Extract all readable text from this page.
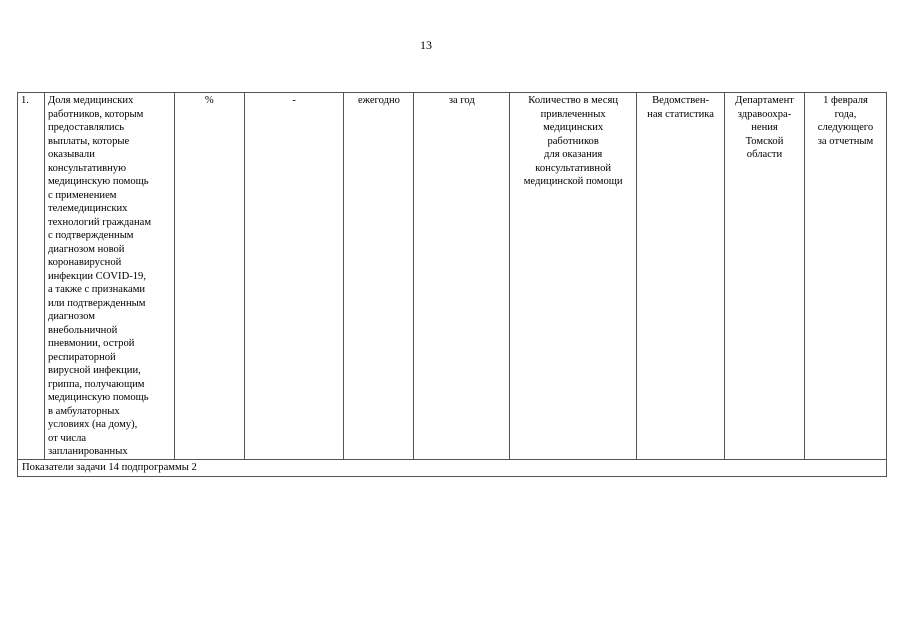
13
1.	Доля медицинских
работников, которым
предоставлялись
выплаты, которые
оказывали
консультативную
медицинскую помощь
с применением
телемедицинских
технологий гражданам
с подтвержденным
диагнозом новой
коронавирусной
инфекции COVID-19,
а также с признаками
или подтвержденным
диагнозом
внебольничной
пневмонии, острой
респираторной
вирусной инфекции,
гриппа, получающим
медицинскую помощь
в амбулаторных
условиях (на дому),
от числа
запланированных	%	-	ежегодно	за год	Количество в месяц
привлеченных
медицинских
работников
для оказания
консультативной
медицинской помощи	Ведомствен-
ная статистика	Департамент
здравоохра-
нения
Томской
области	1 февраля
года,
следующего
за отчетным
Показатели задачи 14 подпрограммы 2
